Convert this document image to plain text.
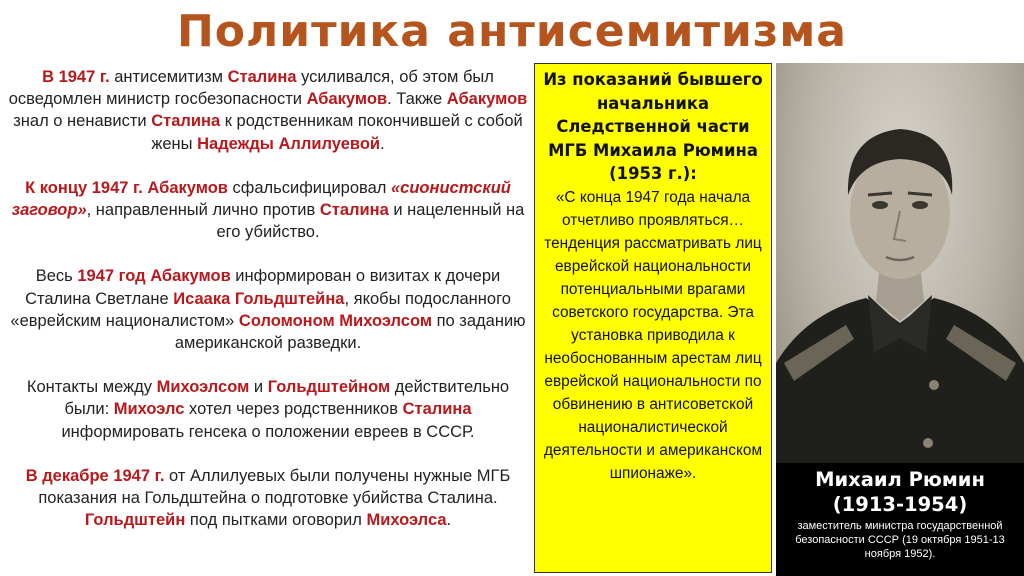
Политика антисемитизма

В 1947 г. антисемитизм Сталина усиливался, об этом был осведомлен министр госбезопасности Абакумов. Также Абакумов знал о ненависти Сталина к родственникам покончившей с собой жены Надежды Аллилуевой.

К концу 1947 г. Абакумов сфальсифицировал «сионистский заговор», направленный лично против Сталина и нацеленный на его убийство.

Весь 1947 год Абакумов информирован о визитах к дочери Сталина Светлане Исаака Гольдштейна, якобы подосланного «еврейским националистом» Соломоном Михоэлсом по заданию американской разведки.

Контакты между Михоэлсом и Гольдштейном действительно были: Михоэлс хотел через родственников Сталина информировать генсека о положении евреев в СССР.

В декабре 1947 г. от Аллилуевых были получены нужные МГБ показания на Гольдштейна о подготовке убийства Сталина. Гольдштейн под пытками оговорил Михоэлса.

Из показаний бывшего начальника Следственной части МГБ Михаила Рюмина (1953 г.):
«С конца 1947 года начала отчетливо проявляться… тенденция рассматривать лиц еврейской национальности потенциальными врагами советского государства. Эта установка приводила к необоснованным арестам лиц еврейской национальности по обвинению в антисоветской националистической деятельности и американском шпионаже».	Михаил Рюмин
(1913-1954)
заместитель министра государственной безопасности СССР (19 октября 1951-13 ноября 1952).
